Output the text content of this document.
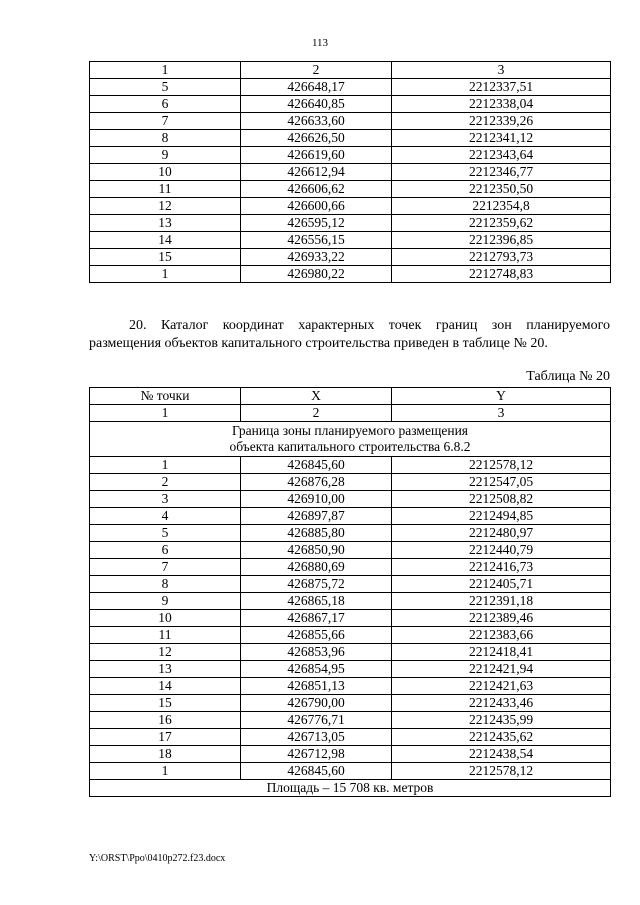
113
1	2	3
5	426648,17	2212337,51
6	426640,85	2212338,04
7	426633,60	2212339,26
8	426626,50	2212341,12
9	426619,60	2212343,64
10	426612,94	2212346,77
11	426606,62	2212350,50
12	426600,66	2212354,8
13	426595,12	2212359,62
14	426556,15	2212396,85
15	426933,22	2212793,73
1	426980,22	2212748,83
20. Каталог координат характерных точек границ зон планируемого
размещения объектов капитального строительства приведен в таблице № 20.
Таблица № 20
№ точки	X	Y
1	2	3
Граница зоны планируемого размещения
объекта капитального строительства 6.8.2		
1	426845,60	2212578,12
2	426876,28	2212547,05
3	426910,00	2212508,82
4	426897,87	2212494,85
5	426885,80	2212480,97
6	426850,90	2212440,79
7	426880,69	2212416,73
8	426875,72	2212405,71
9	426865,18	2212391,18
10	426867,17	2212389,46
11	426855,66	2212383,66
12	426853,96	2212418,41
13	426854,95	2212421,94
14	426851,13	2212421,63
15	426790,00	2212433,46
16	426776,71	2212435,99
17	426713,05	2212435,62
18	426712,98	2212438,54
1	426845,60	2212578,12
Площадь – 15 708 кв. метров		
Y:\ORST\Ppo\0410p272.f23.docx
